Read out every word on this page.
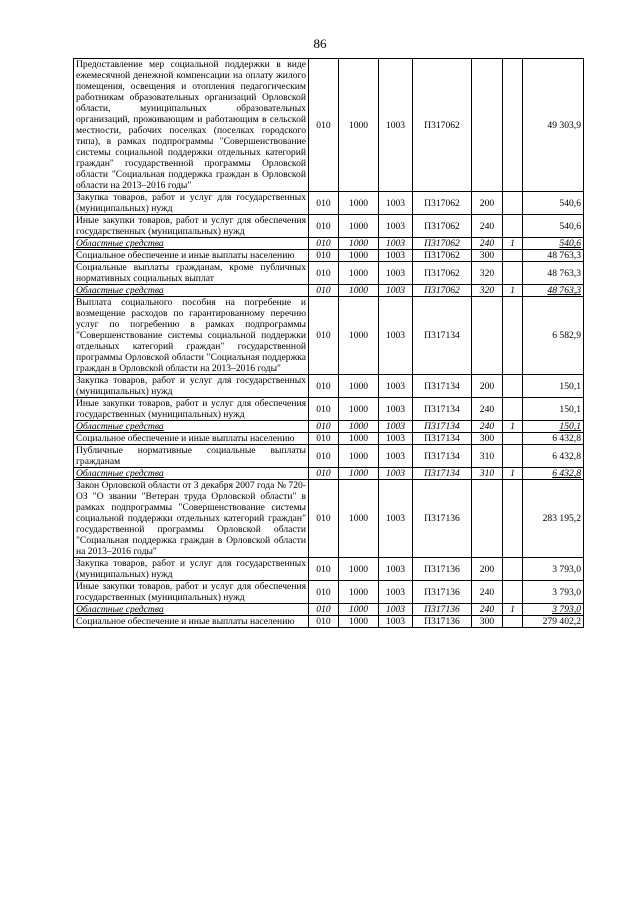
86
Предоставление мер социальной поддержки в виде ежемесячной денежной компенсации на оплату жилого помещения, освещения и отопления педагогическим работникам образовательных организаций Орловской области, муниципальных образовательных организаций, проживающим и работающим в сельской местности, рабочих поселках (поселках городского типа), в рамках подпрограммы "Совершенствование системы социальной поддержки отдельных категорий граждан" государственной программы Орловской области "Социальная поддержка граждан в Орловской области на 2013–2016 годы"	010	1000	1003	П317062			49 303,9
Закупка товаров, работ и услуг для государственных (муниципальных) нужд	010	1000	1003	П317062	200		540,6
Иные закупки товаров, работ и услуг для обеспечения государственных (муниципальных) нужд	010	1000	1003	П317062	240		540,6
Областные средства	010	1000	1003	П317062	240	1	540,6
Социальное обеспечение и иные выплаты населению	010	1000	1003	П317062	300		48 763,3
Социальные выплаты гражданам, кроме публичных нормативных социальных выплат	010	1000	1003	П317062	320		48 763,3
Областные средства	010	1000	1003	П317062	320	1	48 763,3
Выплата социального пособия на погребение и возмещение расходов по гарантированному перечню услуг по погребению в рамках подпрограммы "Совершенствование системы социальной поддержки отдельных категорий граждан" государственной программы Орловской области "Социальная поддержка граждан в Орловской области на 2013–2016 годы"	010	1000	1003	П317134			6 582,9
Закупка товаров, работ и услуг для государственных (муниципальных) нужд	010	1000	1003	П317134	200		150,1
Иные закупки товаров, работ и услуг для обеспечения государственных (муниципальных) нужд	010	1000	1003	П317134	240		150,1
Областные средства	010	1000	1003	П317134	240	1	150,1
Социальное обеспечение и иные выплаты населению	010	1000	1003	П317134	300		6 432,8
Публичные нормативные социальные выплаты гражданам	010	1000	1003	П317134	310		6 432,8
Областные средства	010	1000	1003	П317134	310	1	6 432,8
Закон Орловской области от 3 декабря 2007 года № 720-ОЗ "О звании "Ветеран труда Орловской области" в рамках подпрограммы "Совершенствование системы социальной поддержки отдельных категорий граждан" государственной программы Орловской области "Социальная поддержка граждан в Орловской области на 2013–2016 годы"	010	1000	1003	П317136			283 195,2
Закупка товаров, работ и услуг для государственных (муниципальных) нужд	010	1000	1003	П317136	200		3 793,0
Иные закупки товаров, работ и услуг для обеспечения государственных (муниципальных) нужд	010	1000	1003	П317136	240		3 793,0
Областные средства	010	1000	1003	П317136	240	1	3 793,0
Социальное обеспечение и иные выплаты населению	010	1000	1003	П317136	300		279 402,2
